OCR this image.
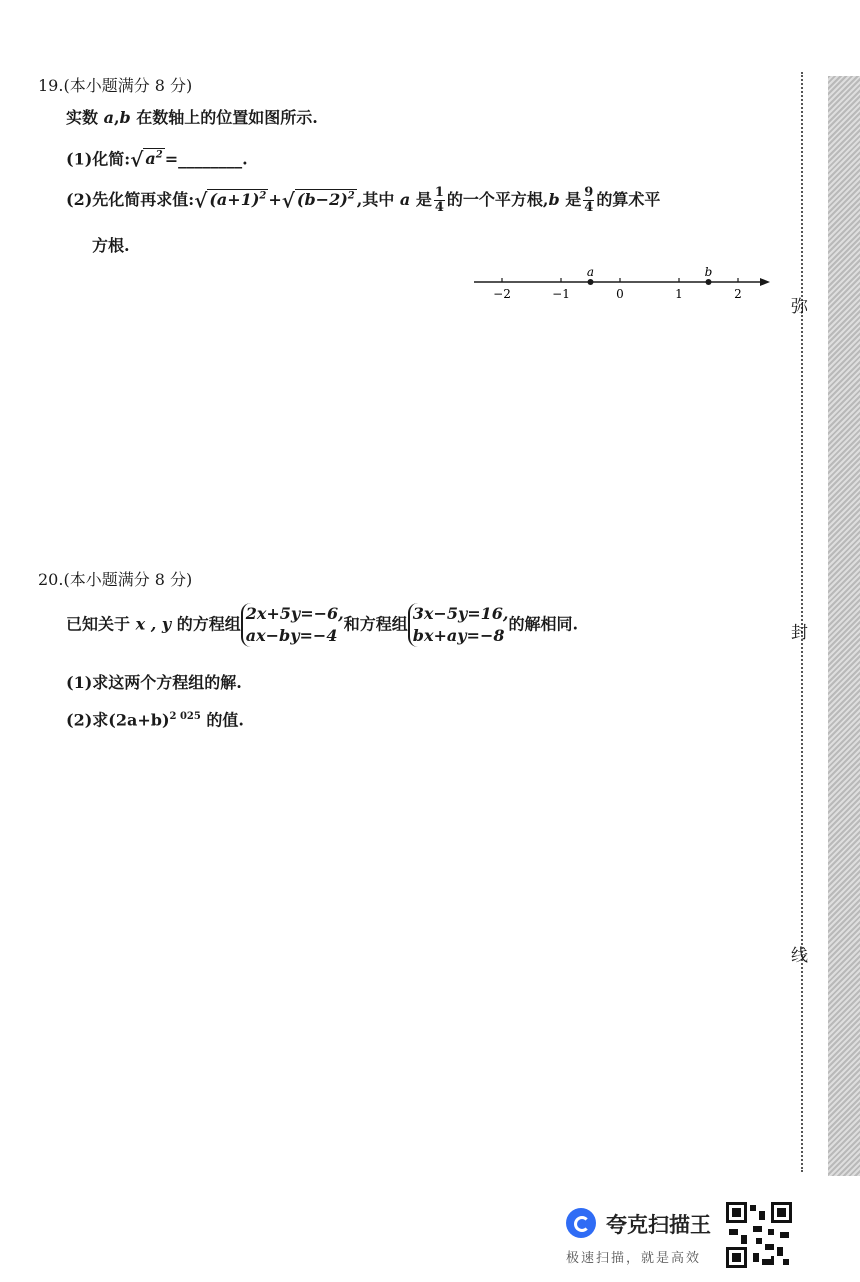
19.(本小题满分 8 分)
实数 a,b 在数轴上的位置如图所示.
(1)化简:√ $a^2$ =________.
(2)先化简再求值:√ $(a+1)^2$ +√ $(b-2)^2$ ,其中 a 是 $\frac{1}{4}$ 的一个平方根,b 是 $\frac{9}{4}$ 的算术平
方根.
−2	−1	0	1	2
a	b
20.(本小题满分 8 分)
已知关于 x , y 的方程组
2x+5y=−6,
ax−by=−4
和方程组
3x−5y=16,
bx+ay=−8
的解相同.
(1)求这两个方程组的解.
(2)求$(2a+b)^{2 025}$ 的值.
弥
封
线
夸克扫描王
极速扫描，就是高效
